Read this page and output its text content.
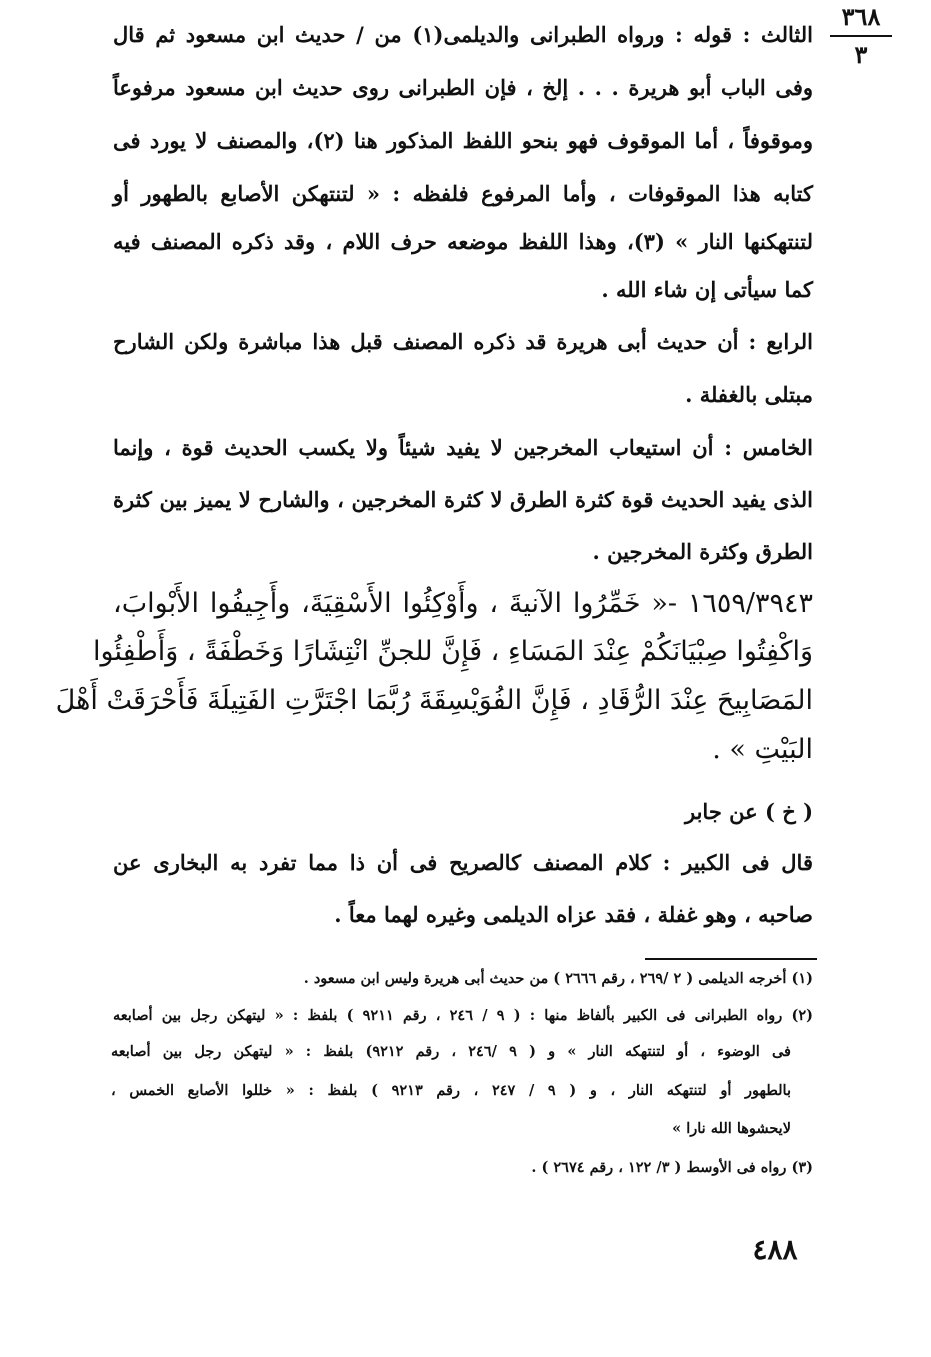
٣٦٨
٣
الثالث : قوله : ورواه الطبرانى والديلمى(١) من / حديث ابن مسعود ثم قال
وفى الباب أبو هريرة . . . إلخ ، فإن الطبرانى روى حديث ابن مسعود مرفوعاً
وموقوفاً ، أما الموقوف فهو بنحو اللفظ المذكور هنا (٢)، والمصنف لا يورد فى
كتابه هذا الموقوفات ، وأما المرفوع فلفظه : « لتنتهكن الأصابع بالطهور أو
لتنتهكنها النار » (٣)، وهذا اللفظ موضعه حرف اللام ، وقد ذكره المصنف فيه
كما سيأتى إن شاء الله .
الرابع : أن حديث أبى هريرة قد ذكره المصنف قبل هذا مباشرة ولكن الشارح
مبتلى بالغفلة .
الخامس : أن استيعاب المخرجين لا يفيد شيئاً ولا يكسب الحديث قوة ، وإنما
الذى يفيد الحديث قوة كثرة الطرق لا كثرة المخرجين ، والشارح لا يميز بين كثرة
الطرق وكثرة المخرجين .
١٦٥٩/٣٩٤٣ -« خَمِّرُوا الآنيةَ ، وأَوْكِئُوا الأَسْقِيَةَ، وأَجِيفُوا الأَبْوابَ،
وَاكْفِتُوا صِبْيَانَكُمْ عِنْدَ المَسَاءِ ، فَإِنَّ للجنِّ انْتِشَارًا وَخَطْفَةً ، وَأَطْفِئُوا
المَصَابِيحَ عِنْدَ الرُّقَادِ ، فَإِنَّ الفُوَيْسِقَةَ رُبَّمَا اجْتَرَّتِ الفَتِيلَةَ فَأَحْرَقَتْ أَهْلَ
البَيْتِ » .
( خ ) عن جابر
قال فى الكبير : كلام المصنف كالصريح فى أن ذا مما تفرد به البخارى عن
صاحبه ، وهو غفلة ، فقد عزاه الديلمى وغيره لهما معاً .
(١) أخرجه الديلمى ( ٢ /٢٦٩ ، رقم ٢٦٦٦ ) من حديث أبى هريرة وليس ابن مسعود .
(٢) رواه الطبرانى فى الكبير بألفاظ منها : ( ٩ / ٢٤٦ ، رقم ٩٢١١ ) بلفظ : « ليتهكن رجل بين أصابعه
فى الوضوء ، أو لتنتهكه النار » و ( ٩ /٢٤٦ ، رقم ٩٢١٢) بلفظ : « ليتهكن رجل بين أصابعه
بالطهور أو لتنتهكه النار ، و ( ٩ / ٢٤٧ ، رقم ٩٢١٣ ) بلفظ : « خللوا الأصابع الخمس ،
لايحشوها الله نارا »
(٣) رواه فى الأوسط ( ٣/ ١٢٢ ، رقم ٢٦٧٤ ) .
٤٨٨
